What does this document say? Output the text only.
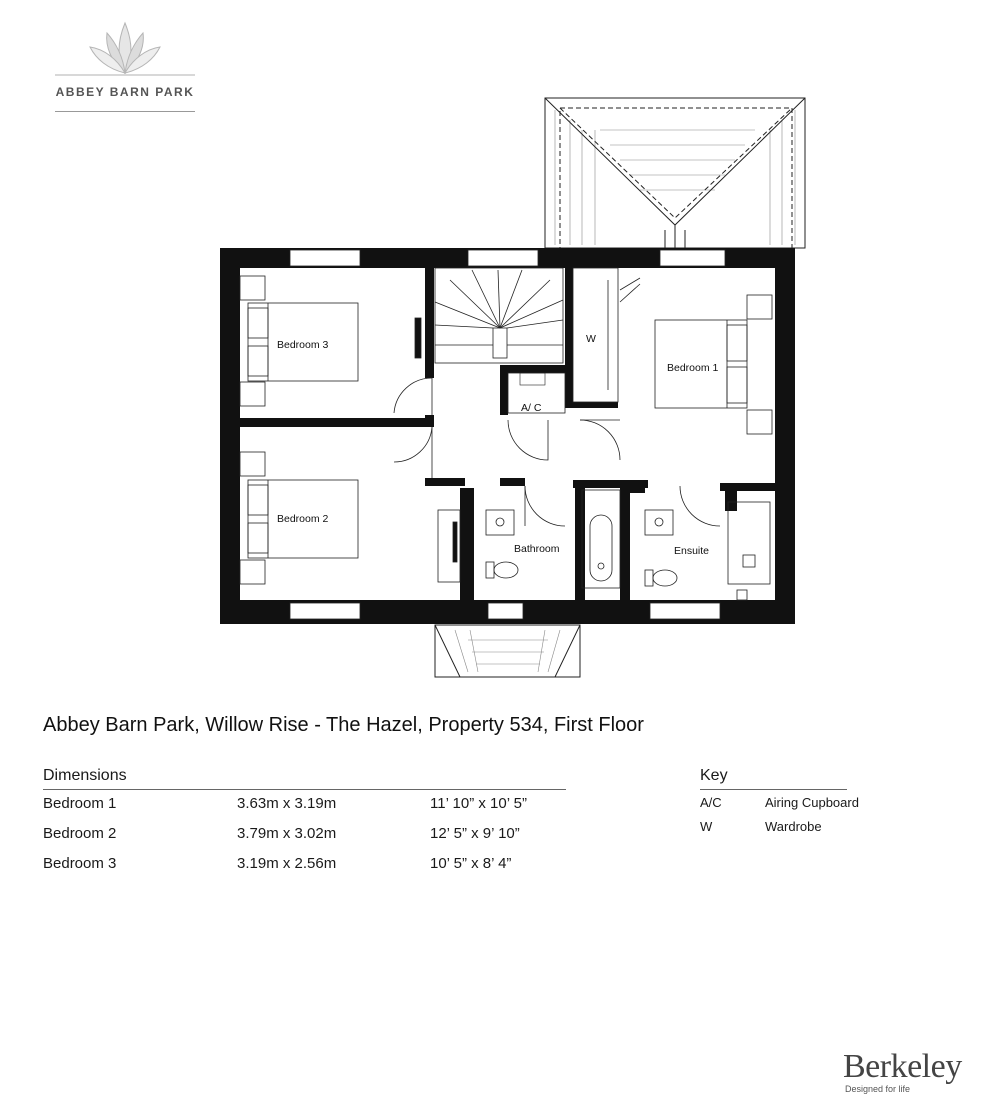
ABBEY BARN PARK
Bedroom 3
Bedroom 2
Bedroom 1
W
A/ C
Bathroom	Ensuite
Abbey Barn Park, Willow Rise - The Hazel, Property 534, First Floor
Dimensions
Bedroom 1	3.63m x 3.19m	11’ 10” x 10’ 5”
Bedroom 2	3.79m x 3.02m	12’ 5” x 9’ 10”
Bedroom 3	3.19m x 2.56m	10’ 5” x 8’ 4”
Key
A/C	Airing Cupboard
W	Wardrobe
Berkeley
Designed for life
